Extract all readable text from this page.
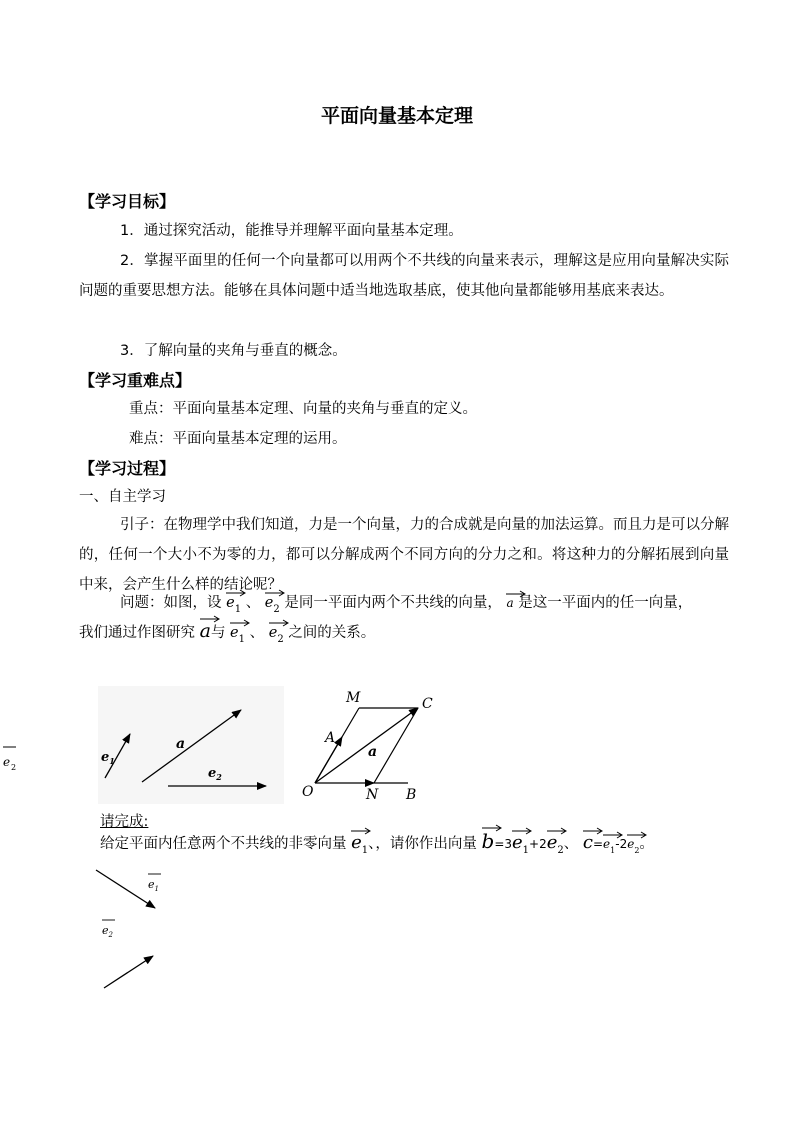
平面向量基本定理
【学习目标】
1．通过探究活动，能推导并理解平面向量基本定理。
2．掌握平面里的任何一个向量都可以用两个不共线的向量来表示，理解这是应用向量解决实际问题的重要思想方法。能够在具体问题中适当地选取基底，使其他向量都能够用基底来表达。
3．了解向量的夹角与垂直的概念。
【学习重难点】
重点：平面向量基本定理、向量的夹角与垂直的定义。
难点：平面向量基本定理的运用。
【学习过程】
一、自主学习
引子：在物理学中我们知道，力是一个向量，力的合成就是向量的加法运算。而且力是可以分解的，任何一个大小不为零的力，都可以分解成两个不同方向的分力之和。将这种力的分解拓展到向量中来，会产生什么样的结论呢？
问题：如图，设 $e_1$ 、 $e_2$ 是同一平面内两个不共线的向量， a 是这一平面内的任一向量，
我们通过作图研究 a与 $e_1$ 、 $e_2$ 之间的关系。
e 2
$e_1$
a
$e_2$
M	C
A
a
O	N B
请完成:
给定平面内任意两个不共线的非零向量 $e_1$、，请你作出向量 b=3
$e_1+2$
$e_2$、 c=
$e_1-2$
$e_2$。
$e_1$
$e_2$
